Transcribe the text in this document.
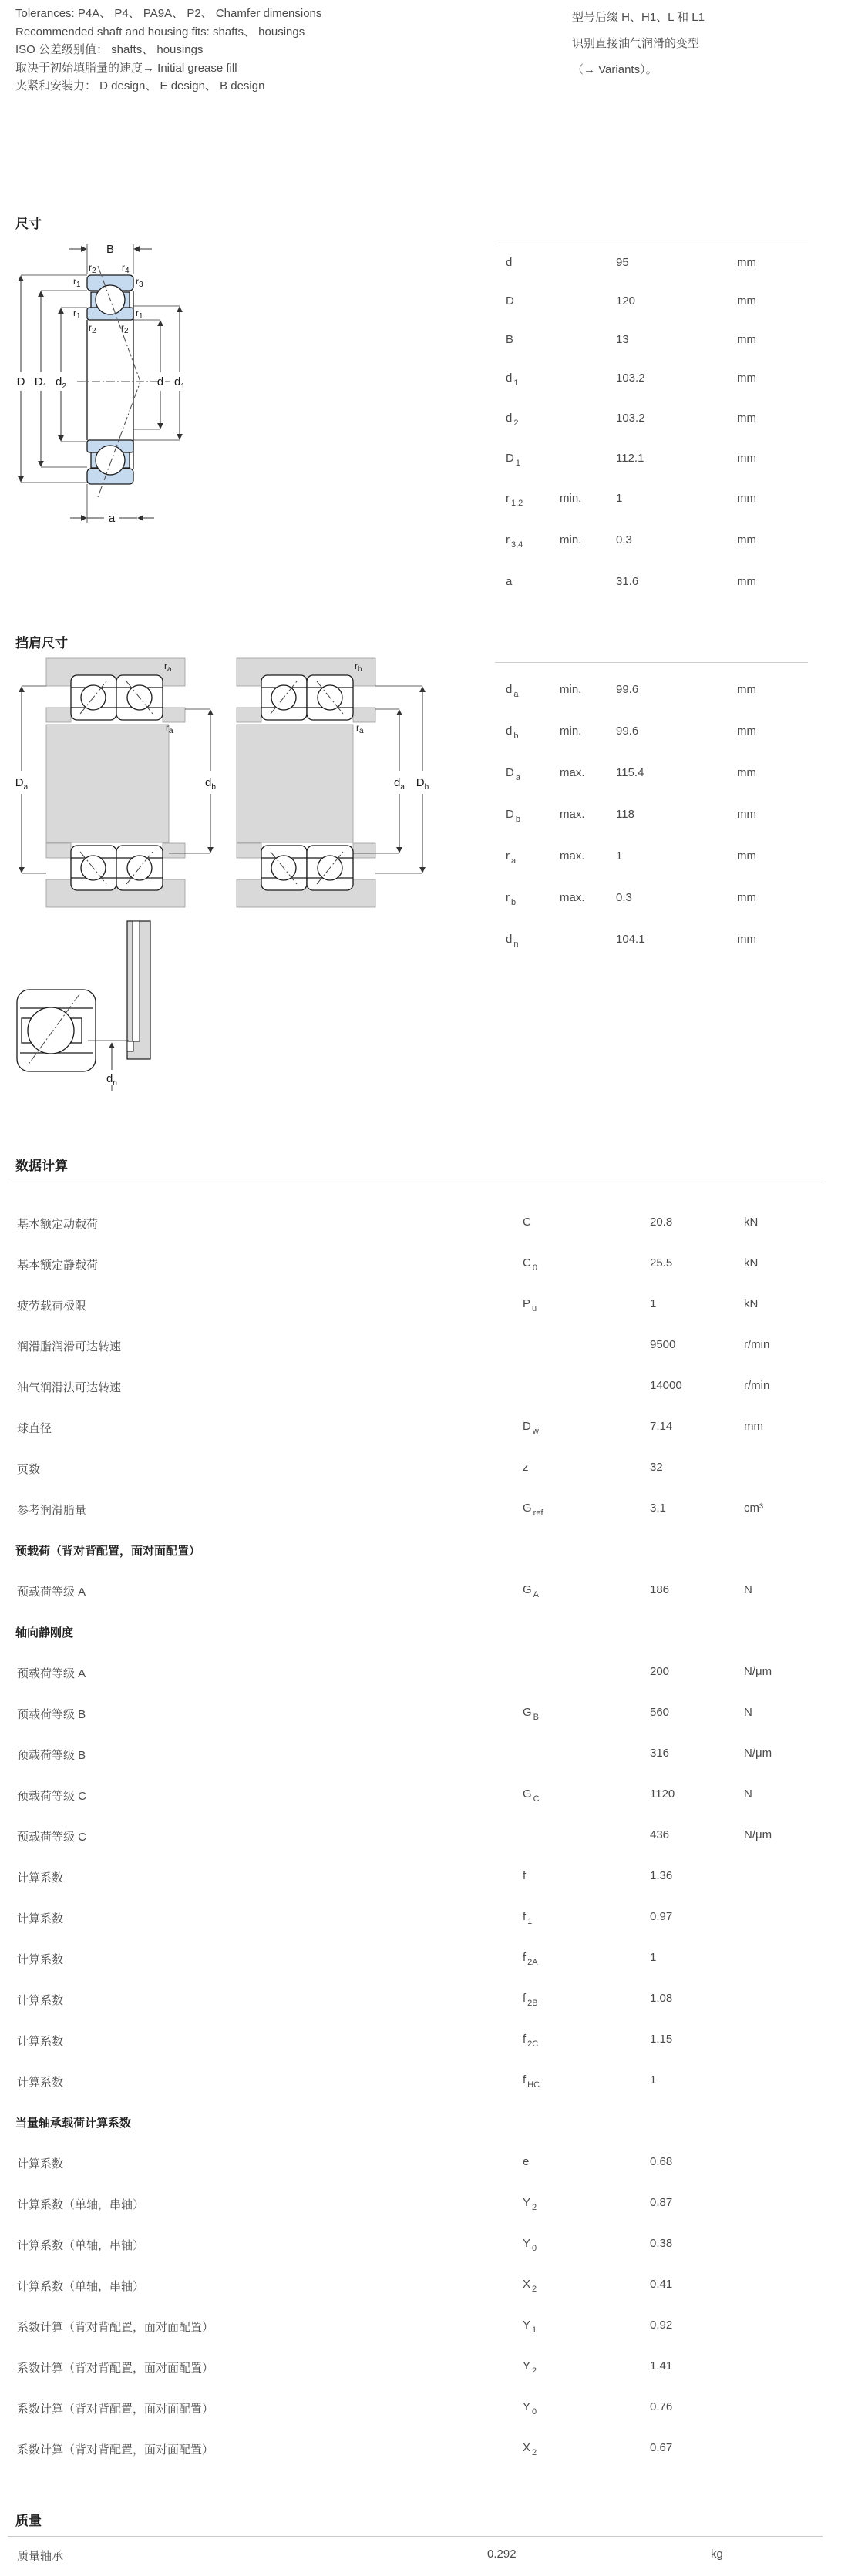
Tolerances: P4A、 P4、 PA9A、 P2、 Chamfer dimensions
Recommended shaft and housing fits: shafts、 housings
ISO 公差级别值： shafts、 housings
取决于初始填脂量的速度→ Initial grease fill
夹紧和安装力： D design、 E design、 B design
型号后缀 H、H1、L 和 L1
识别直接油气润滑的变型
（→ Variants）。
尺寸
B
D $D_1$ $d_2$	d $d_1$
a
$r_2$	$r_4$
$r_1$	$r_3$
$r_1$	$r_1$
$r_2$	$r_2$
d	95	mm
D	120	mm
B	13	mm
d $_1$	103.2	mm
d $_2$	103.2	mm
D $_1$	112.1	mm
r $_{1,2}$	min.	1	mm
r $_{3,4}$	min.	0.3	mm
a	31.6	mm
挡肩尺寸
$D_a$	$d_b$
$r_a$
$r_a$
$d_a$ $D_b$
$r_b$
$r_a$
$d_n$
d $_a$	min.	99.6	mm
d $_b$	min.	99.6	mm
D $_a$	max.	115.4	mm
D $_b$	max.	118	mm
r $_a$	max.	1	mm
r $_b$	max.	0.3	mm
d $_n$	104.1	mm
数据计算
基本额定动载荷	C	20.8	kN
基本额定静载荷	C $_0$	25.5	kN
疲劳载荷极限	P $_u$	1	kN
润滑脂润滑可达转速	9500	r/min
油气润滑法可达转速	14000	r/min
球直径	D $_w$	7.14	mm
页数	z	32
参考润滑脂量	G $_{ref}$	3.1	cm³
预载荷（背对背配置，面对面配置）
预载荷等级 A	G $_A$	186	N
轴向静刚度
预载荷等级 A	200	N/μm
预载荷等级 B	G $_B$	560	N
预载荷等级 B	316	N/μm
预载荷等级 C	G $_C$	1120	N
预载荷等级 C	436	N/μm
计算系数	f	1.36
计算系数	f $_1$	0.97
计算系数	f $_{2A}$	1
计算系数	f $_{2B}$	1.08
计算系数	f $_{2C}$	1.15
计算系数	f $_{HC}$	1
当量轴承载荷计算系数
计算系数	e	0.68
计算系数（单轴，串轴）	Y $_2$	0.87
计算系数（单轴，串轴）	Y $_0$	0.38
计算系数（单轴，串轴）	X $_2$	0.41
系数计算（背对背配置，面对面配置）	Y $_1$	0.92
系数计算（背对背配置，面对面配置）	Y $_2$	1.41
系数计算（背对背配置，面对面配置）	Y $_0$	0.76
系数计算（背对背配置，面对面配置）	X $_2$	0.67
质量
质量轴承	0.292	kg
